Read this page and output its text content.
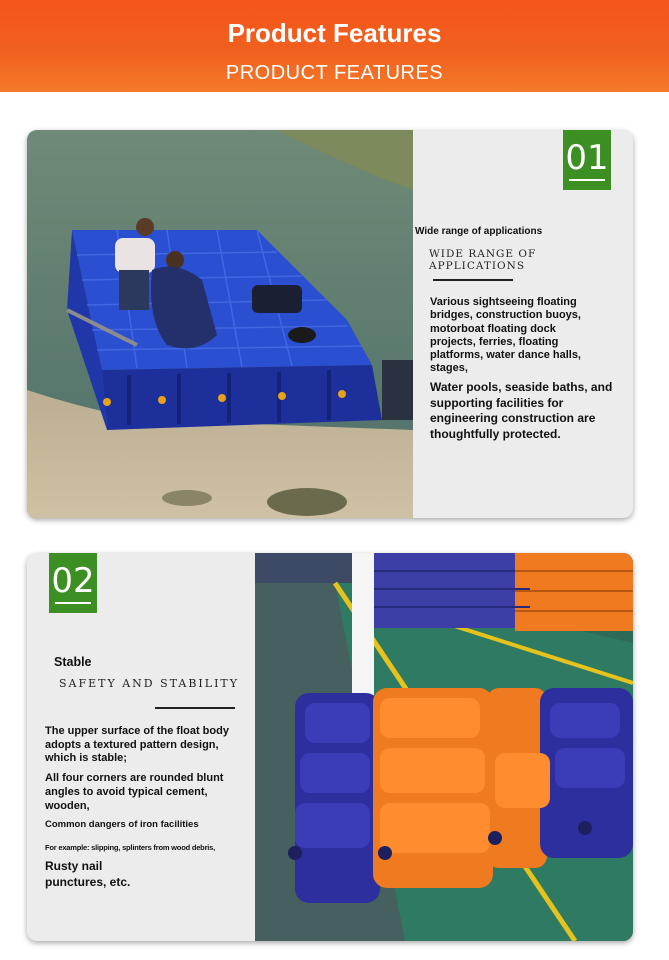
Product Features
PRODUCT FEATURES
01
Wide range of applications
WIDE RANGE OF APPLICATIONS
Various sightseeing floating bridges, construction buoys, motorboat floating dock projects, ferries, floating platforms, water dance halls, stages,
Water pools, seaside baths, and supporting facilities for engineering construction are thoughtfully protected.
02
Stable
SAFETY AND STABILITY
The upper surface of the float body adopts a textured pattern design, which is stable;
All four corners are rounded blunt angles to avoid typical cement, wooden,
Common dangers of iron facilities
For example: slipping, splinters from wood debris,
Rusty nail punctures, etc.
